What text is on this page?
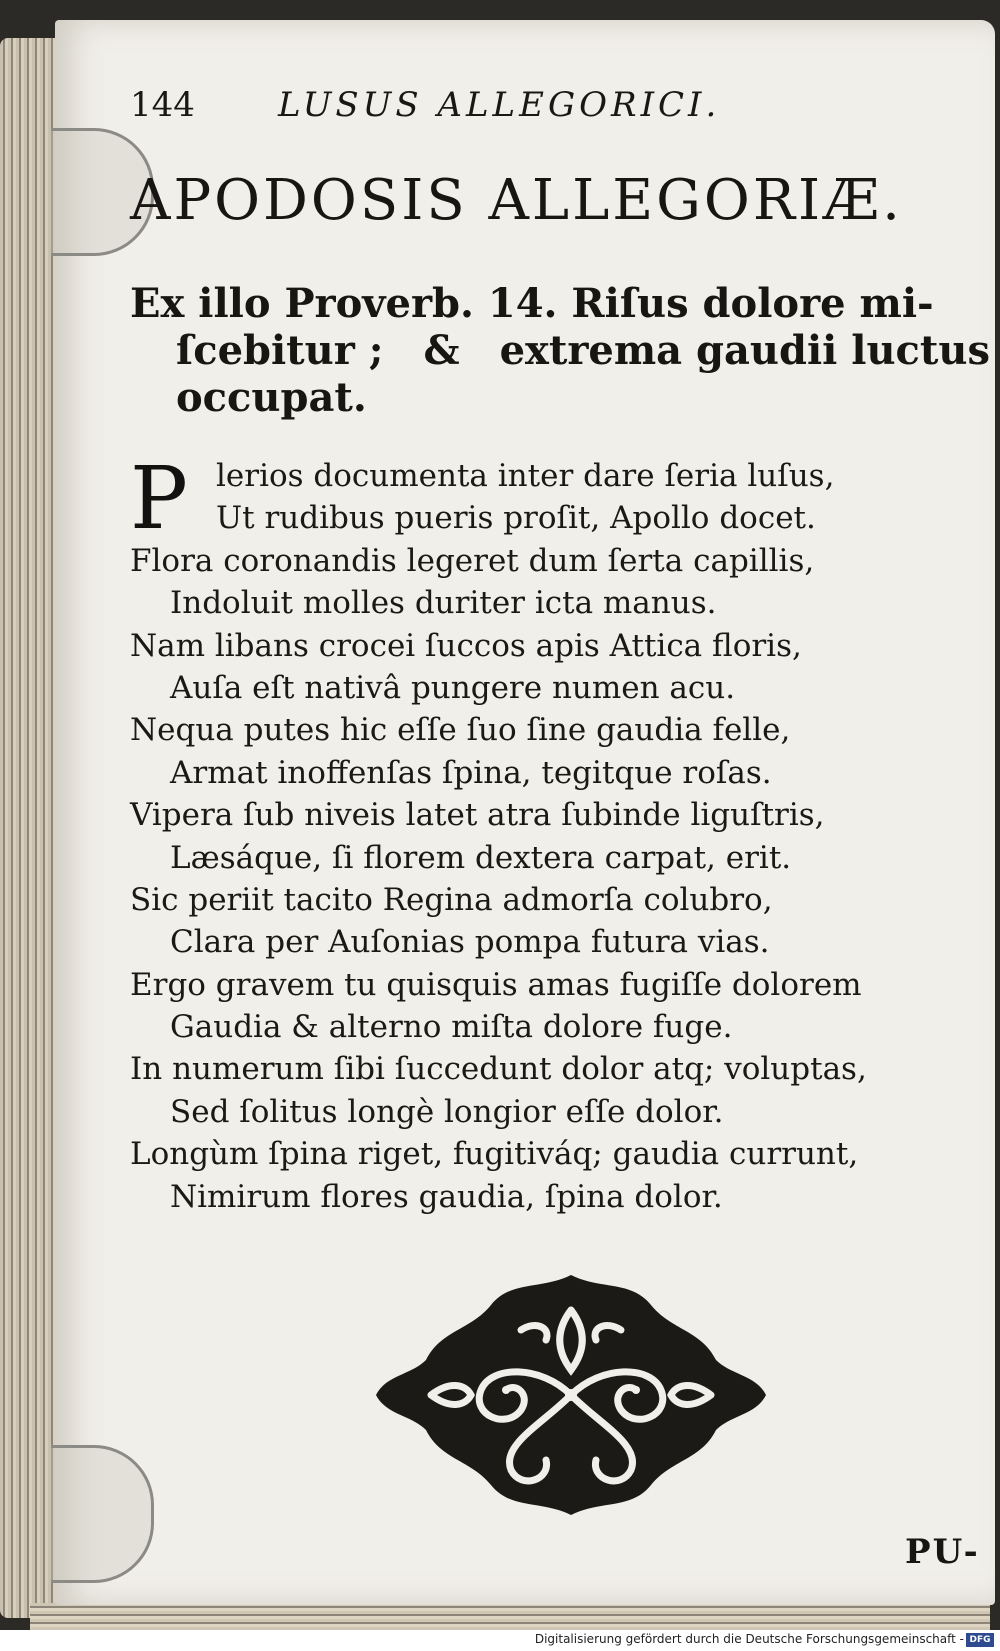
144 LUSUS ALLEGORICI.
APODOSIS ALLEGORIÆ.
Ex illo Proverb. 14. Riſus dolore mi-
ſcebitur ; & extrema gaudii luctus
occupat.
P lerios documenta inter dare ſeria luſus,
Ut rudibus pueris proſit, Apollo docet.
Flora coronandis legeret dum ſerta capillis,
Indoluit molles duriter icta manus.
Nam libans crocei ſuccos apis Attica floris,
Auſa eſt nativâ pungere numen acu.
Nequa putes hic eſſe ſuo ſine gaudia felle,
Armat inoffenſas ſpina, tegitque roſas.
Vipera ſub niveis latet atra ſubinde liguſtris,
Læsáque, ſi florem dextera carpat, erit.
Sic periit tacito Regina admorſa colubro,
Clara per Auſonias pompa futura vias.
Ergo gravem tu quisquis amas fugiſſe dolorem
Gaudia & alterno miſta dolore fuge.
In numerum ſibi ſuccedunt dolor atq; voluptas,
Sed ſolitus longè longior eſſe dolor.
Longùm ſpina riget, fugitiváq; gaudia currunt,
Nimirum flores gaudia, ſpina dolor.
PU-
Digitalisierung gefördert durch die Deutsche Forschungsgemeinschaft - DFG
